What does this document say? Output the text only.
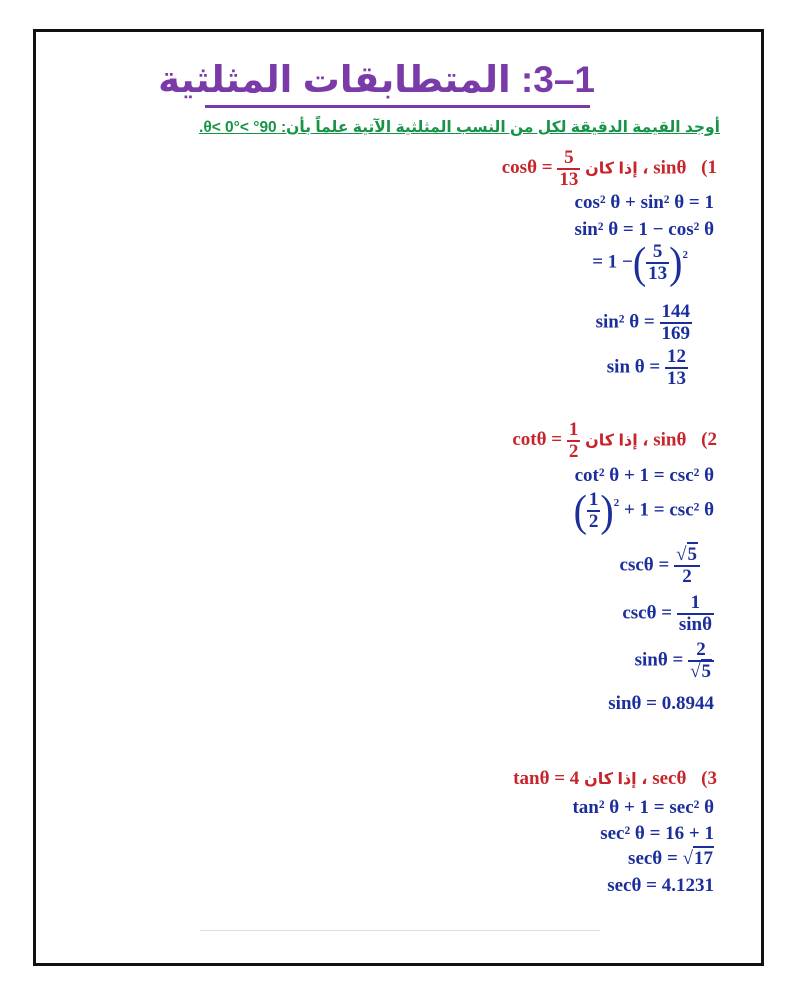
1–3: المتطابقات المثلثية
أوجد القيمة الدقيقة لكل من النسب المثلثية الآتية علماً بأن: 90° >θ< 0°.
$\cos\theta = \frac{5}{13}$ إذا كان ، sinθ (1
cos² θ + sin² θ = 1
sin² θ = 1 − cos² θ
= 1 −( $\frac{5}{13} )^2$
sin² $\theta = \frac{144}{169}$
$\sin \theta = \frac{12}{13}$
$\cot\theta = \frac{1}{2}$ إذا كان ، sinθ (2
cot² θ + 1 = csc² θ
( $\frac{1}{2} )^2 + 1 = \csc^2$ θ
$\csc\theta = \frac{√5}{2}$
$\csc\theta = \frac{1}{\sin\theta}$
$\sin\theta = \frac{2}{√5}$
sinθ = 0.8944
tanθ = 4 إذا كان ، secθ (3
tan² θ + 1 = sec² θ
sec² θ = 16 + 1
secθ = √17
secθ = 4.1231
